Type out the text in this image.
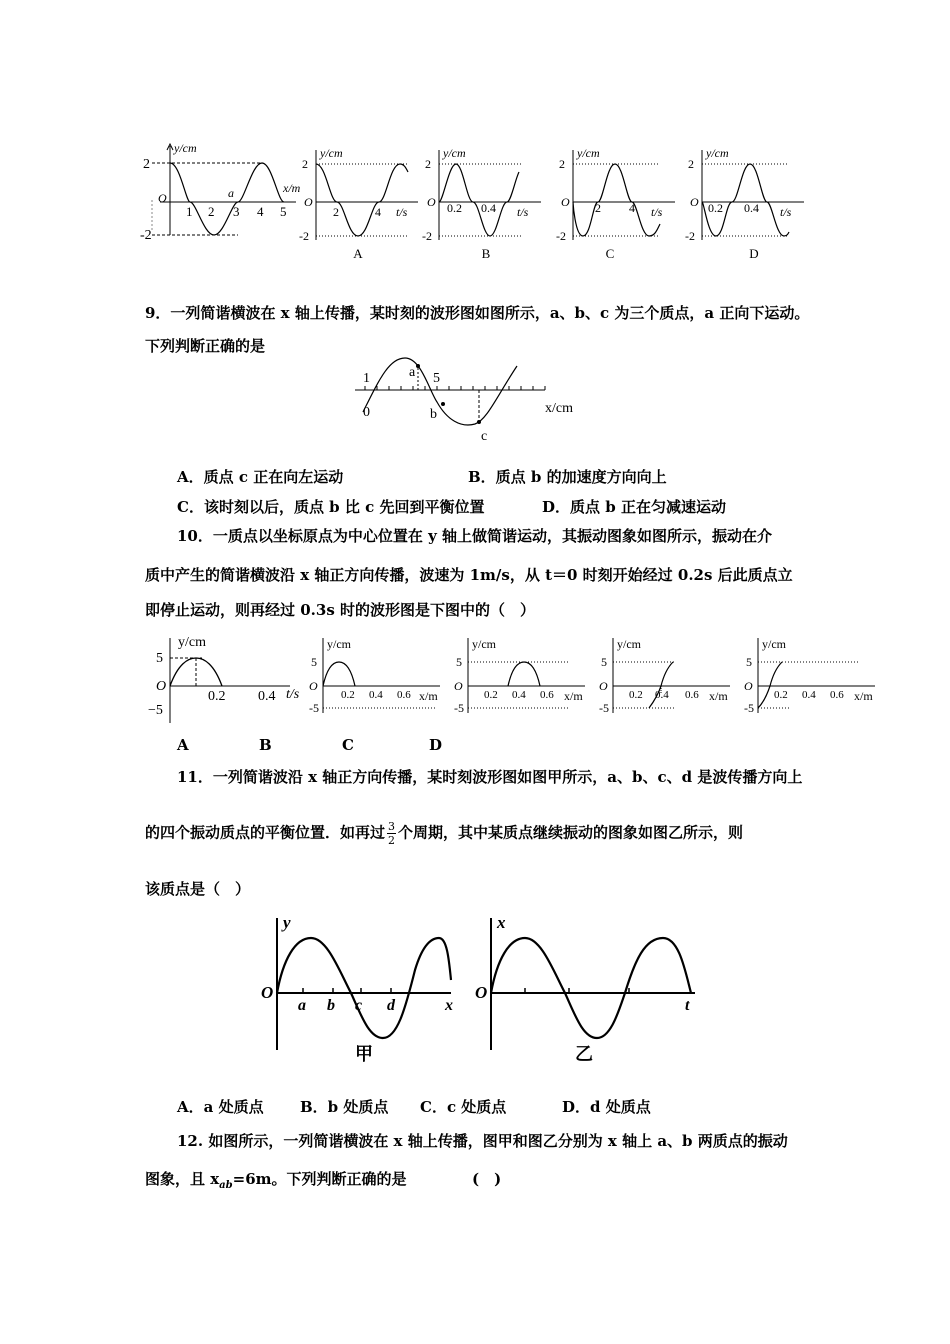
y/cm
x/m
O
2
-2
1 2 3 4 5
a
y/cm
2
-2
O
2	4 t/s
A
y/cm
2
-2
O 0.2 0.4 t/s
B
y/cm
2
-2
O 2 4 t/s
C
y/cm
2
-2
O 0.2 0.4 t/s
D
9．一列简谐横波在 x 轴上传播，某时刻的波形图如图所示，a、b、c 为三个质点，a 正向下运动。
下列判断正确的是
1	5
0
a
b
c
x/cm
A．质点 c 正在向左运动	B．质点 b 的加速度方向向上
C．该时刻以后，质点 b 比 c 先回到平衡位置	D．质点 b 正在匀减速运动
10．一质点以坐标原点为中心位置在 y 轴上做简谐运动，其振动图象如图所示，振动在介
质中产生的简谐横波沿 x 轴正方向传播，波速为 1m/s，从 t＝0 时刻开始经过 0.2s 后此质点立
即停止运动，则再经过 0.3s 时的波形图是下图中的（　）
y/cm
5
O
−5
0.2 0.4 t/s
y/cm
5
O
-5
0.2 0.4 0.6 x/m
y/cm
5
O
-5
0.2 0.4 0.6 x/m
y/cm
5
O
-5
0.2 0.4 0.6 x/m
y/cm
5
O
-5
0.2 0.4 0.6 x/m
A	B	C	D
11．一列简谐波沿 x 轴正方向传播，某时刻波形图如图甲所示，a、b、c、d 是波传播方向上
的四个振动质点的平衡位置．如再过 $\frac{3}{2}$ 个周期，其中某质点继续振动的图象如图乙所示，则
该质点是（　）
y
O
a b c d	x
甲
x
O
t
乙
A．a 处质点 B．b 处质点 C．c 处质点	D．d 处质点
12. 如图所示，一列简谐横波在 x 轴上传播，图甲和图乙分别为 x 轴上 a、b 两质点的振动
图象，且 $x_{ab}=6m$。下列判断正确的是	(　)
